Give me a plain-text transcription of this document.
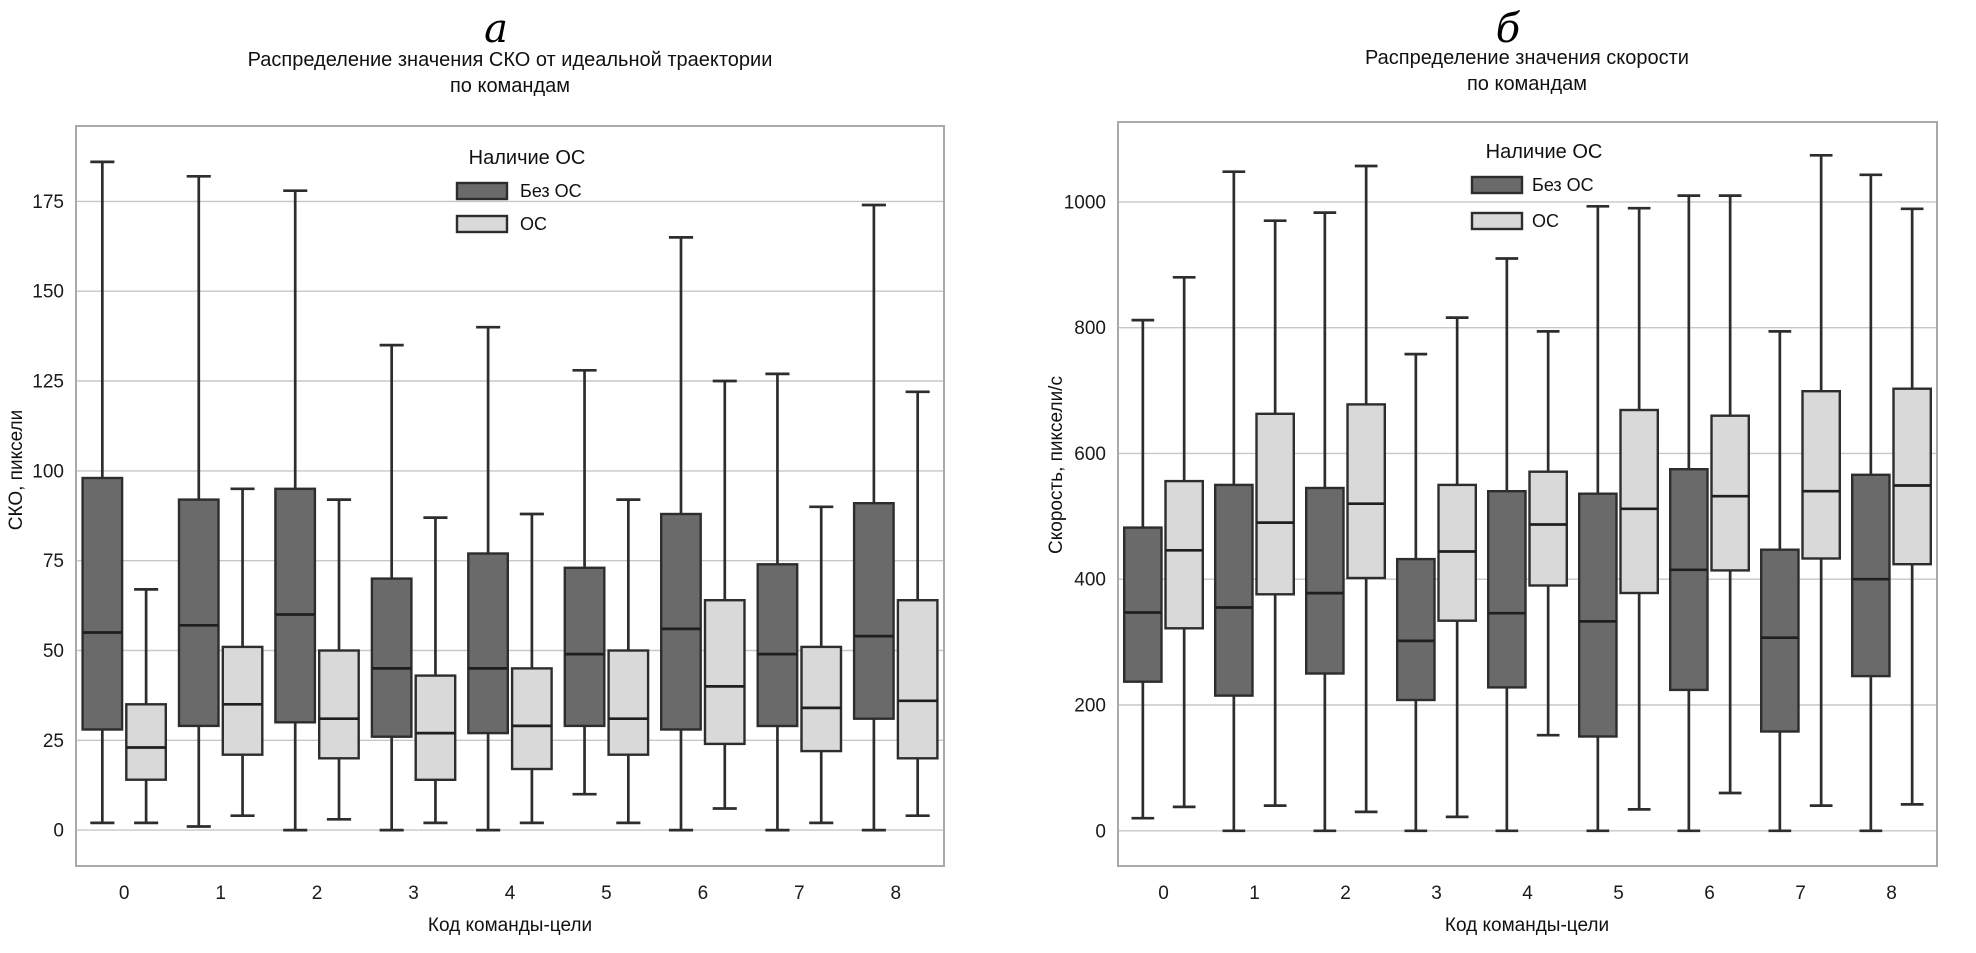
0
25
50
75
100
125
150
175
0	1	2	3	4	5	6	7	8
Распределение значения СКО от идеальной траектории
по командам
a
Код команды-цели
СКО, пиксели
Наличие ОС
Без ОС
ОС
0
200
400
600
800
1000
0	1	2	3	4	5	6	7	8
Распределение значения скорости
по командам
б
Код команды-цели
Скорость, пиксели/с
Наличие ОС
Без ОС
ОС
